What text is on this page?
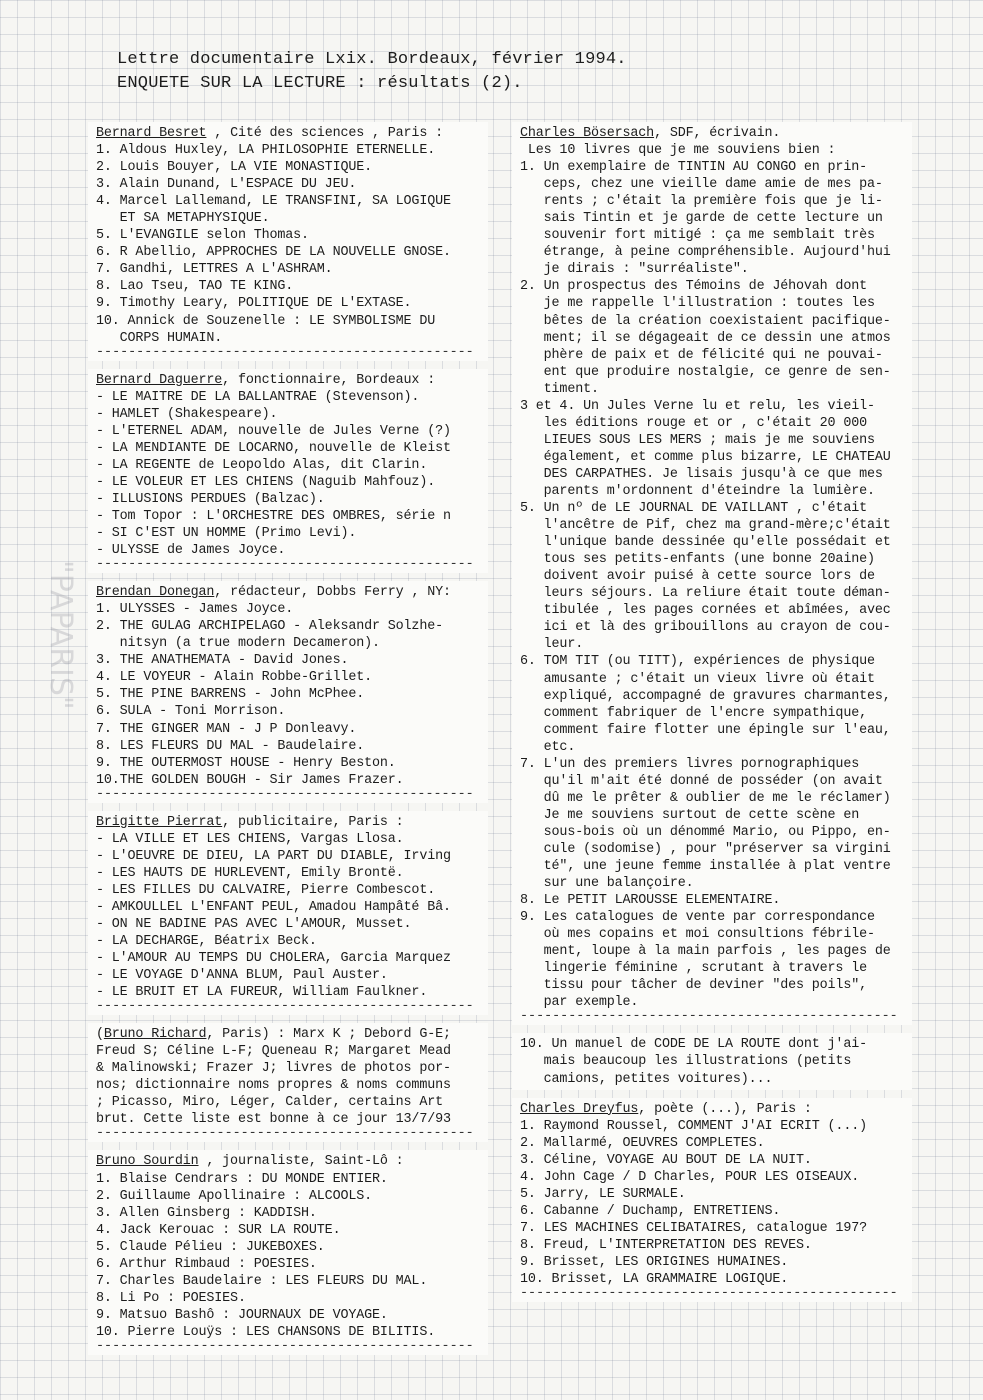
Lettre documentaire Lxix. Bordeaux, février 1994.
ENQUETE SUR LA LECTURE : résultats (2).
"PAPARIS"
Bernard Besret , Cité des sciences , Paris :
1. Aldous Huxley, LA PHILOSOPHIE ETERNELLE.
2. Louis Bouyer, LA VIE MONASTIQUE.
3. Alain Dunand, L'ESPACE DU JEU.
4. Marcel Lallemand, LE TRANSFINI, SA LOGIQUE
ET SA METAPHYSIQUE.
5. L'EVANGILE selon Thomas.
6. R Abellio, APPROCHES DE LA NOUVELLE GNOSE.
7. Gandhi, LETTRES A L'ASHRAM.
8. Lao Tseu, TAO TE KING.
9. Timothy Leary, POLITIQUE DE L'EXTASE.
10. Annick de Souzenelle : LE SYMBOLISME DU
CORPS HUMAIN.
-----------------------------------------------
Bernard Daguerre, fonctionnaire, Bordeaux :
- LE MAITRE DE LA BALLANTRAE (Stevenson).
- HAMLET (Shakespeare).
- L'ETERNEL ADAM, nouvelle de Jules Verne (?)
- LA MENDIANTE DE LOCARNO, nouvelle de Kleist
- LA REGENTE de Leopoldo Alas, dit Clarin.
- LE VOLEUR ET LES CHIENS (Naguib Mahfouz).
- ILLUSIONS PERDUES (Balzac).
- Tom Topor : L'ORCHESTRE DES OMBRES, série n
- SI C'EST UN HOMME (Primo Levi).
- ULYSSE de James Joyce.
-----------------------------------------------
Brendan Donegan, rédacteur, Dobbs Ferry , NY:
1. ULYSSES - James Joyce.
2. THE GULAG ARCHIPELAGO - Aleksandr Solzhe-
nitsyn (a true modern Decameron).
3. THE ANATHEMATA - David Jones.
4. LE VOYEUR - Alain Robbe-Grillet.
5. THE PINE BARRENS - John McPhee.
6. SULA - Toni Morrison.
7. THE GINGER MAN - J P Donleavy.
8. LES FLEURS DU MAL - Baudelaire.
9. THE OUTERMOST HOUSE - Henry Beston.
10.THE GOLDEN BOUGH - Sir James Frazer.
-----------------------------------------------
Brigitte Pierrat, publicitaire, Paris :
- LA VILLE ET LES CHIENS, Vargas Llosa.
- L'OEUVRE DE DIEU, LA PART DU DIABLE, Irving
- LES HAUTS DE HURLEVENT, Emily Brontë.
- LES FILLES DU CALVAIRE, Pierre Combescot.
- AMKOULLEL L'ENFANT PEUL, Amadou Hampâté Bâ.
- ON NE BADINE PAS AVEC L'AMOUR, Musset.
- LA DECHARGE, Béatrix Beck.
- L'AMOUR AU TEMPS DU CHOLERA, Garcia Marquez
- LE VOYAGE D'ANNA BLUM, Paul Auster.
- LE BRUIT ET LA FUREUR, William Faulkner.
-----------------------------------------------
(Bruno Richard, Paris) : Marx K ; Debord G-E;
Freud S; Céline L-F; Queneau R; Margaret Mead
& Malinowski; Frazer J; livres de photos por-
nos; dictionnaire noms propres & noms communs
; Picasso, Miro, Léger, Calder, certains Art
brut. Cette liste est bonne à ce jour 13/7/93
-----------------------------------------------
Bruno Sourdin , journaliste, Saint-Lô :
1. Blaise Cendrars : DU MONDE ENTIER.
2. Guillaume Apollinaire : ALCOOLS.
3. Allen Ginsberg : KADDISH.
4. Jack Kerouac : SUR LA ROUTE.
5. Claude Pélieu : JUKEBOXES.
6. Arthur Rimbaud : POESIES.
7. Charles Baudelaire : LES FLEURS DU MAL.
8. Li Po : POESIES.
9. Matsuo Bashô : JOURNAUX DE VOYAGE.
10. Pierre Louÿs : LES CHANSONS DE BILITIS.
-----------------------------------------------
Charles Bösersach, SDF, écrivain.
Les 10 livres que je me souviens bien :
1. Un exemplaire de TINTIN AU CONGO en prin-
ceps, chez une vieille dame amie de mes pa-
rents ; c'était la première fois que je li-
sais Tintin et je garde de cette lecture un
souvenir fort mitigé : ça me semblait très
étrange, à peine compréhensible. Aujourd'hui
je dirais : "surréaliste".
2. Un prospectus des Témoins de Jéhovah dont
je me rappelle l'illustration : toutes les
bêtes de la création coexistaient pacifique-
ment; il se dégageait de ce dessin une atmos
phère de paix et de félicité qui ne pouvai-
ent que produire nostalgie, ce genre de sen-
timent.
3 et 4. Un Jules Verne lu et relu, les vieil-
les éditions rouge et or , c'était 20 000
LIEUES SOUS LES MERS ; mais je me souviens
également, et comme plus bizarre, LE CHATEAU
DES CARPATHES. Je lisais jusqu'à ce que mes
parents m'ordonnent d'éteindre la lumière.
5. Un nº de LE JOURNAL DE VAILLANT , c'était
l'ancêtre de Pif, chez ma grand-mère;c'était
l'unique bande dessinée qu'elle possédait et
tous ses petits-enfants (une bonne 20aine)
doivent avoir puisé à cette source lors de
leurs séjours. La reliure était toute déman-
tibulée , les pages cornées et abîmées, avec
ici et là des gribouillons au crayon de cou-
leur.
6. TOM TIT (ou TITT), expériences de physique
amusante ; c'était un vieux livre où était
expliqué, accompagné de gravures charmantes,
comment fabriquer de l'encre sympathique,
comment faire flotter une épingle sur l'eau,
etc.
7. L'un des premiers livres pornographiques
qu'il m'ait été donné de posséder (on avait
dû me le prêter & oublier de me le réclamer)
Je me souviens surtout de cette scène en
sous-bois où un dénommé Mario, ou Pippo, en-
cule (sodomise) , pour "préserver sa virgini
té", une jeune femme installée à plat ventre
sur une balançoire.
8. Le PETIT LAROUSSE ELEMENTAIRE.
9. Les catalogues de vente par correspondance
où mes copains et moi consultions fébrile-
ment, loupe à la main parfois , les pages de
lingerie féminine , scrutant à travers le
tissu pour tâcher de deviner "des poils",
par exemple.
-----------------------------------------------
10. Un manuel de CODE DE LA ROUTE dont j'ai-
mais beaucoup les illustrations (petits
camions, petites voitures)...
Charles Dreyfus, poète (...), Paris :
1. Raymond Roussel, COMMENT J'AI ECRIT (...)
2. Mallarmé, OEUVRES COMPLETES.
3. Céline, VOYAGE AU BOUT DE LA NUIT.
4. John Cage / D Charles, POUR LES OISEAUX.
5. Jarry, LE SURMALE.
6. Cabanne / Duchamp, ENTRETIENS.
7. LES MACHINES CELIBATAIRES, catalogue 197?
8. Freud, L'INTERPRETATION DES REVES.
9. Brisset, LES ORIGINES HUMAINES.
10. Brisset, LA GRAMMAIRE LOGIQUE.
-----------------------------------------------
